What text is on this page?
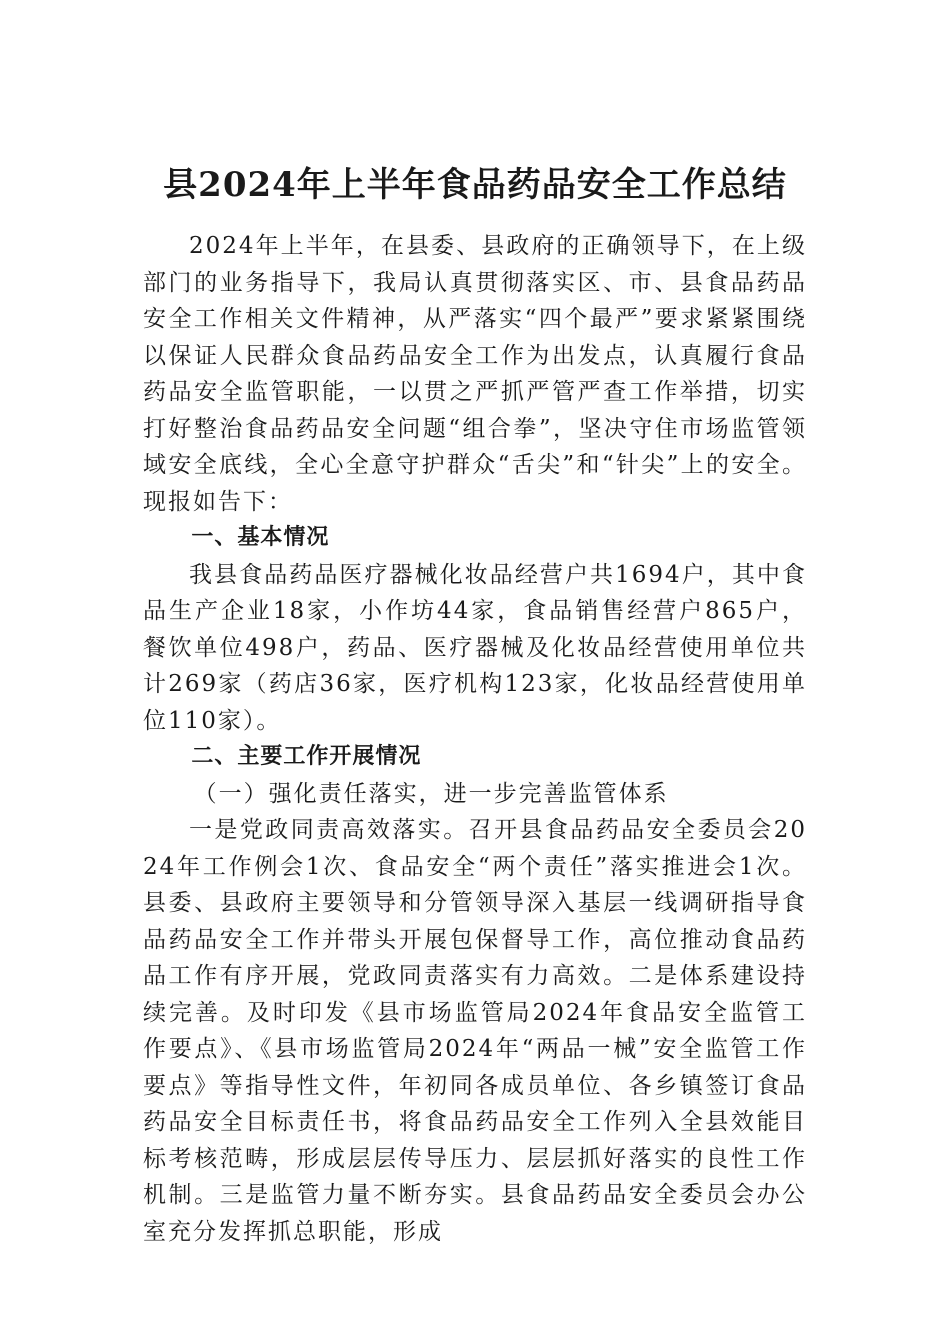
县2024年上半年食品药品安全工作总结

2024年上半年，在县委、县政府的正确领导下，在上级部门的业务指导下，我局认真贯彻落实区、市、县食品药品安全工作相关文件精神，从严落实“四个最严”要求紧紧围绕以保证人民群众食品药品安全工作为出发点，认真履行食品药品安全监管职能，一以贯之严抓严管严查工作举措，切实打好整治食品药品安全问题“组合拳”，坚决守住市场监管领域安全底线，全心全意守护群众“舌尖”和“针尖”上的安全。现报如告下：

一、基本情况

我县食品药品医疗器械化妆品经营户共1694户，其中食品生产企业18家，小作坊44家，食品销售经营户865户，餐饮单位498户，药品、医疗器械及化妆品经营使用单位共计269家（药店36家，医疗机构123家，化妆品经营使用单位110家）。

二、主要工作开展情况

（一）强化责任落实，进一步完善监管体系

一是党政同责高效落实。召开县食品药品安全委员会2024年工作例会1次、食品安全“两个责任”落实推进会1次。县委、县政府主要领导和分管领导深入基层一线调研指导食品药品安全工作并带头开展包保督导工作，高位推动食品药品工作有序开展，党政同责落实有力高效。二是体系建设持续完善。及时印发《县市场监管局2024年食品安全监管工作要点》、《县市场监管局2024年“两品一械”安全监管工作要点》等指导性文件，年初同各成员单位、各乡镇签订食品药品安全目标责任书，将食品药品安全工作列入全县效能目标考核范畴，形成层层传导压力、层层抓好落实的良性工作机制。三是监管力量不断夯实。县食品药品安全委员会办公室充分发挥抓总职能，形成
